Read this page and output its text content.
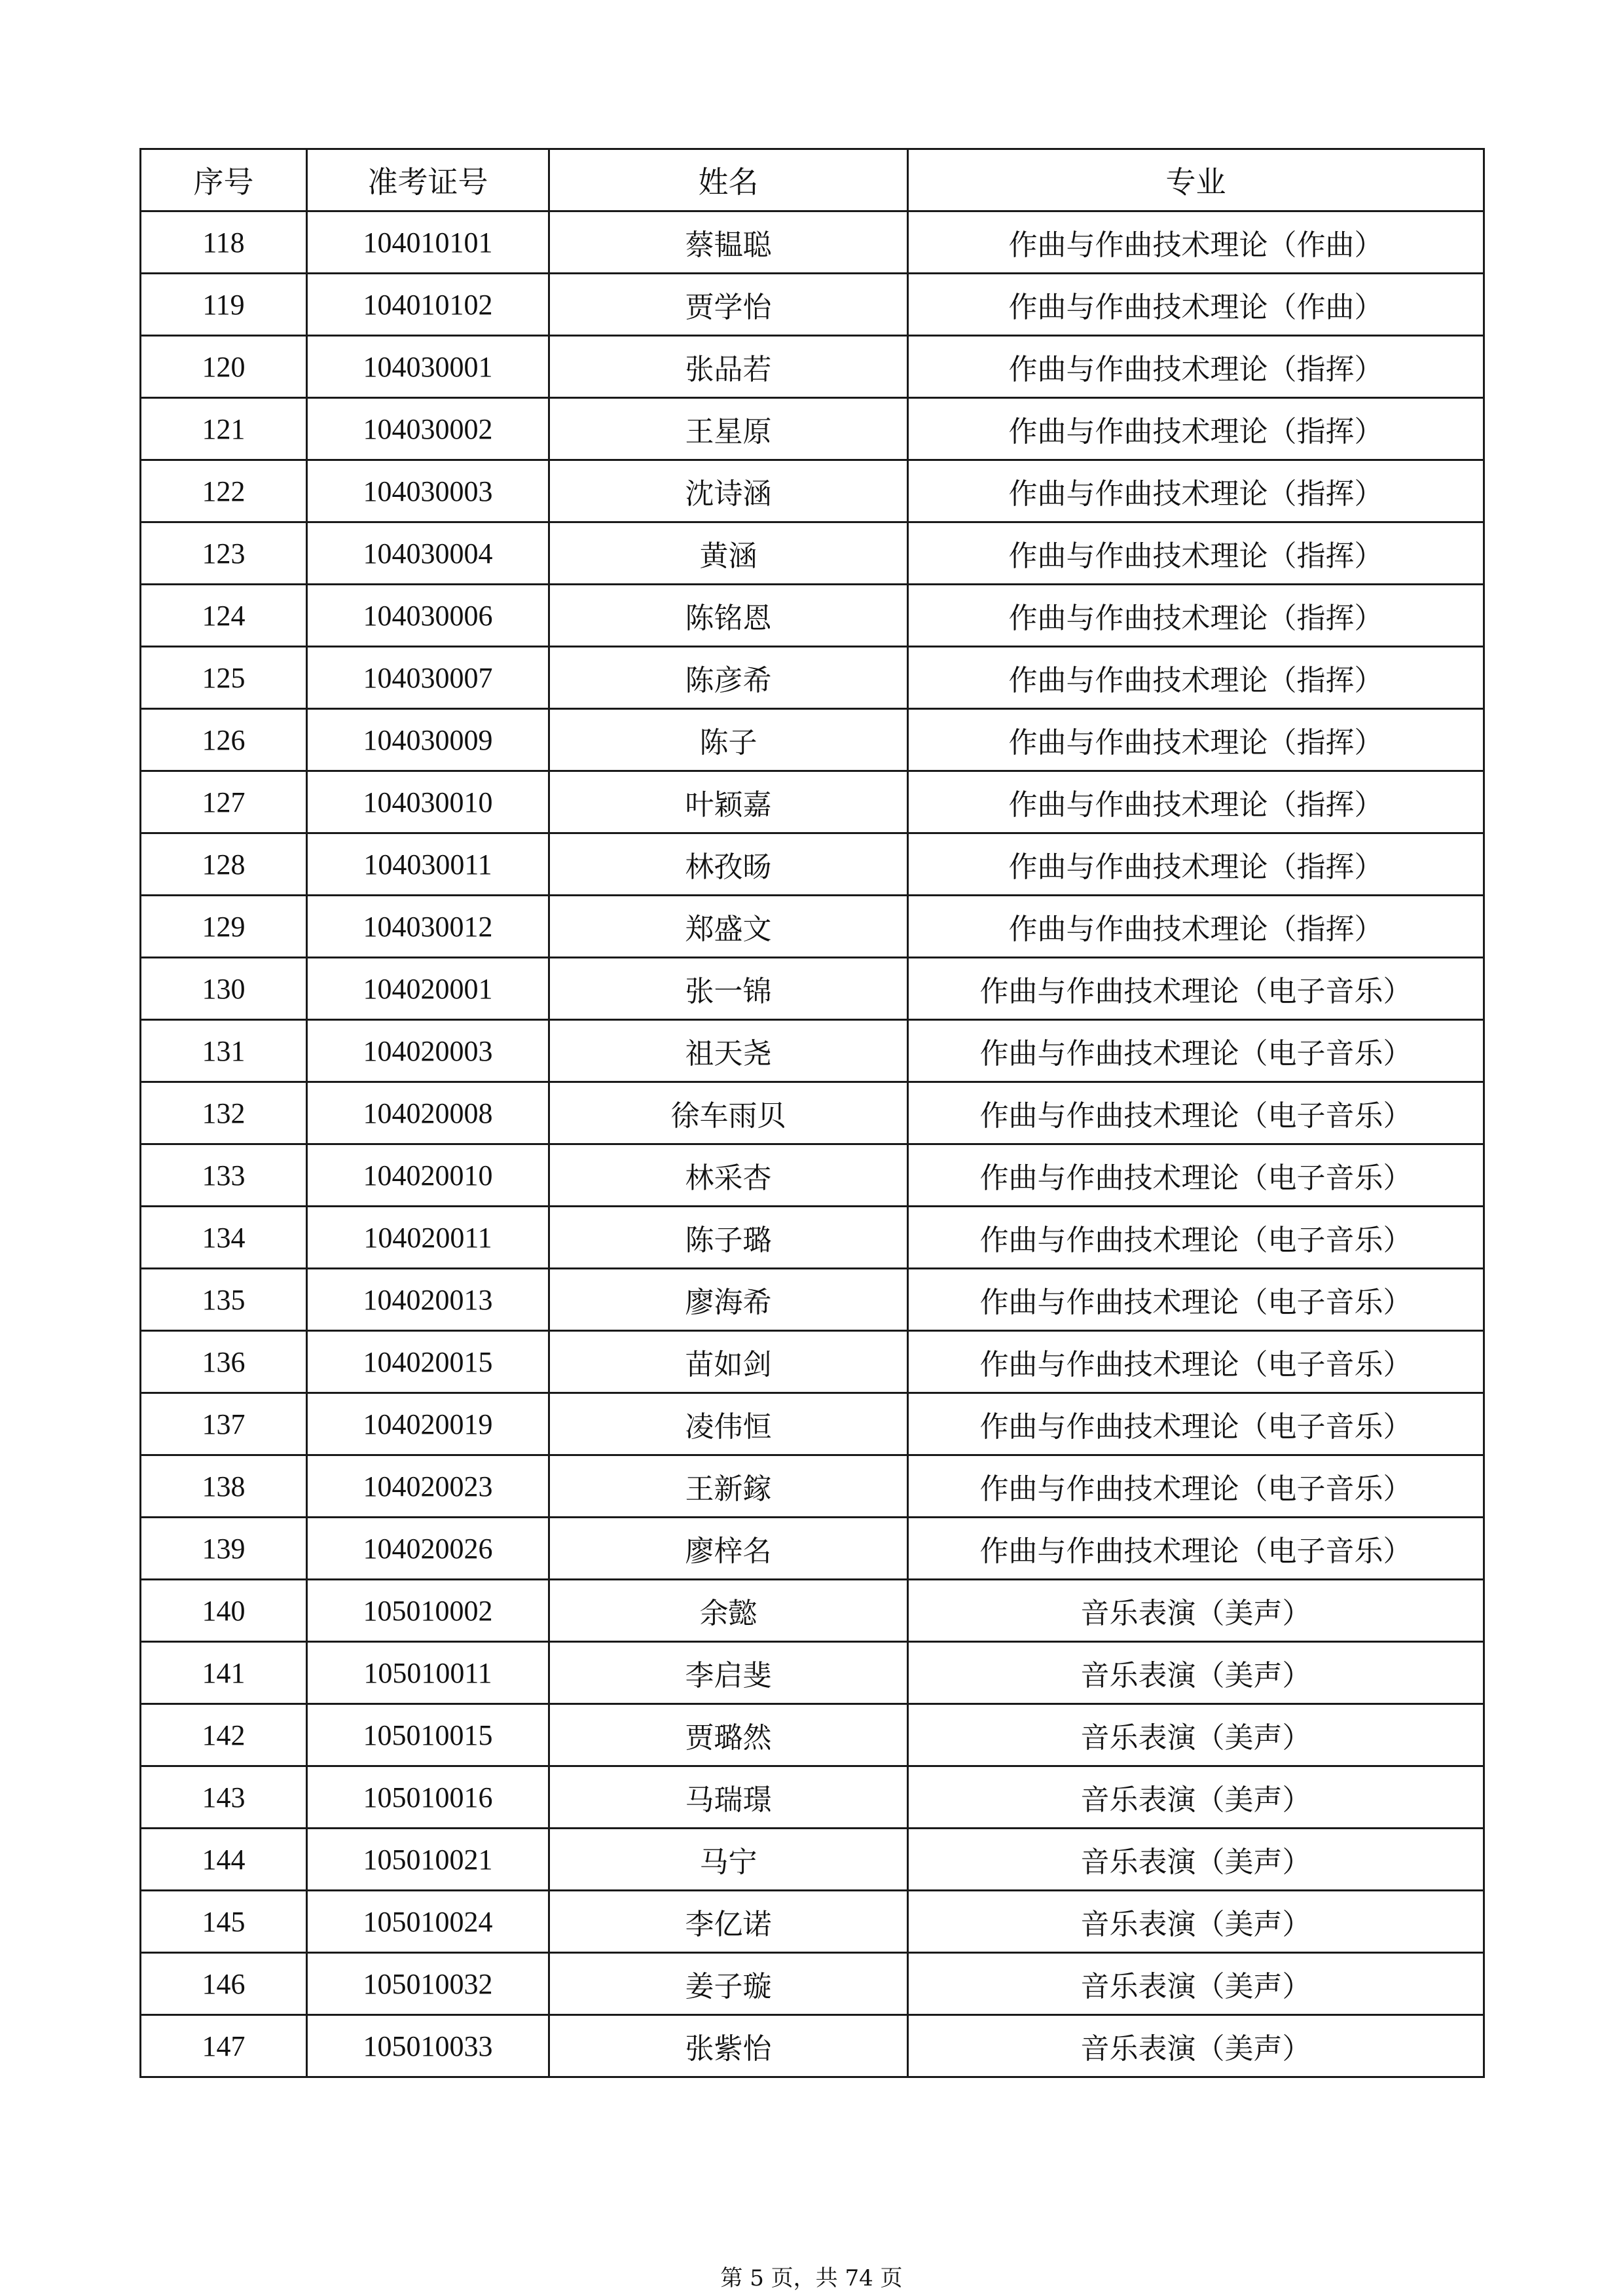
序号	准考证号	姓名	专业
118	104010101	蔡韫聪	作曲与作曲技术理论（作曲）
119	104010102	贾学怡	作曲与作曲技术理论（作曲）
120	104030001	张品若	作曲与作曲技术理论（指挥）
121	104030002	王星原	作曲与作曲技术理论（指挥）
122	104030003	沈诗涵	作曲与作曲技术理论（指挥）
123	104030004	黄涵	作曲与作曲技术理论（指挥）
124	104030006	陈铭恩	作曲与作曲技术理论（指挥）
125	104030007	陈彦希	作曲与作曲技术理论（指挥）
126	104030009	陈子	作曲与作曲技术理论（指挥）
127	104030010	叶颖嘉	作曲与作曲技术理论（指挥）
128	104030011	林孜旸	作曲与作曲技术理论（指挥）
129	104030012	郑盛文	作曲与作曲技术理论（指挥）
130	104020001	张一锦	作曲与作曲技术理论（电子音乐）
131	104020003	祖天尧	作曲与作曲技术理论（电子音乐）
132	104020008	徐车雨贝	作曲与作曲技术理论（电子音乐）
133	104020010	林采杏	作曲与作曲技术理论（电子音乐）
134	104020011	陈子璐	作曲与作曲技术理论（电子音乐）
135	104020013	廖海希	作曲与作曲技术理论（电子音乐）
136	104020015	苗如剑	作曲与作曲技术理论（电子音乐）
137	104020019	凌伟恒	作曲与作曲技术理论（电子音乐）
138	104020023	王新鎵	作曲与作曲技术理论（电子音乐）
139	104020026	廖梓名	作曲与作曲技术理论（电子音乐）
140	105010002	余懿	音乐表演（美声）
141	105010011	李启斐	音乐表演（美声）
142	105010015	贾璐然	音乐表演（美声）
143	105010016	马瑞璟	音乐表演（美声）
144	105010021	马宁	音乐表演（美声）
145	105010024	李亿诺	音乐表演（美声）
146	105010032	姜子璇	音乐表演（美声）
147	105010033	张紫怡	音乐表演（美声）
第 5 页，共 74 页
